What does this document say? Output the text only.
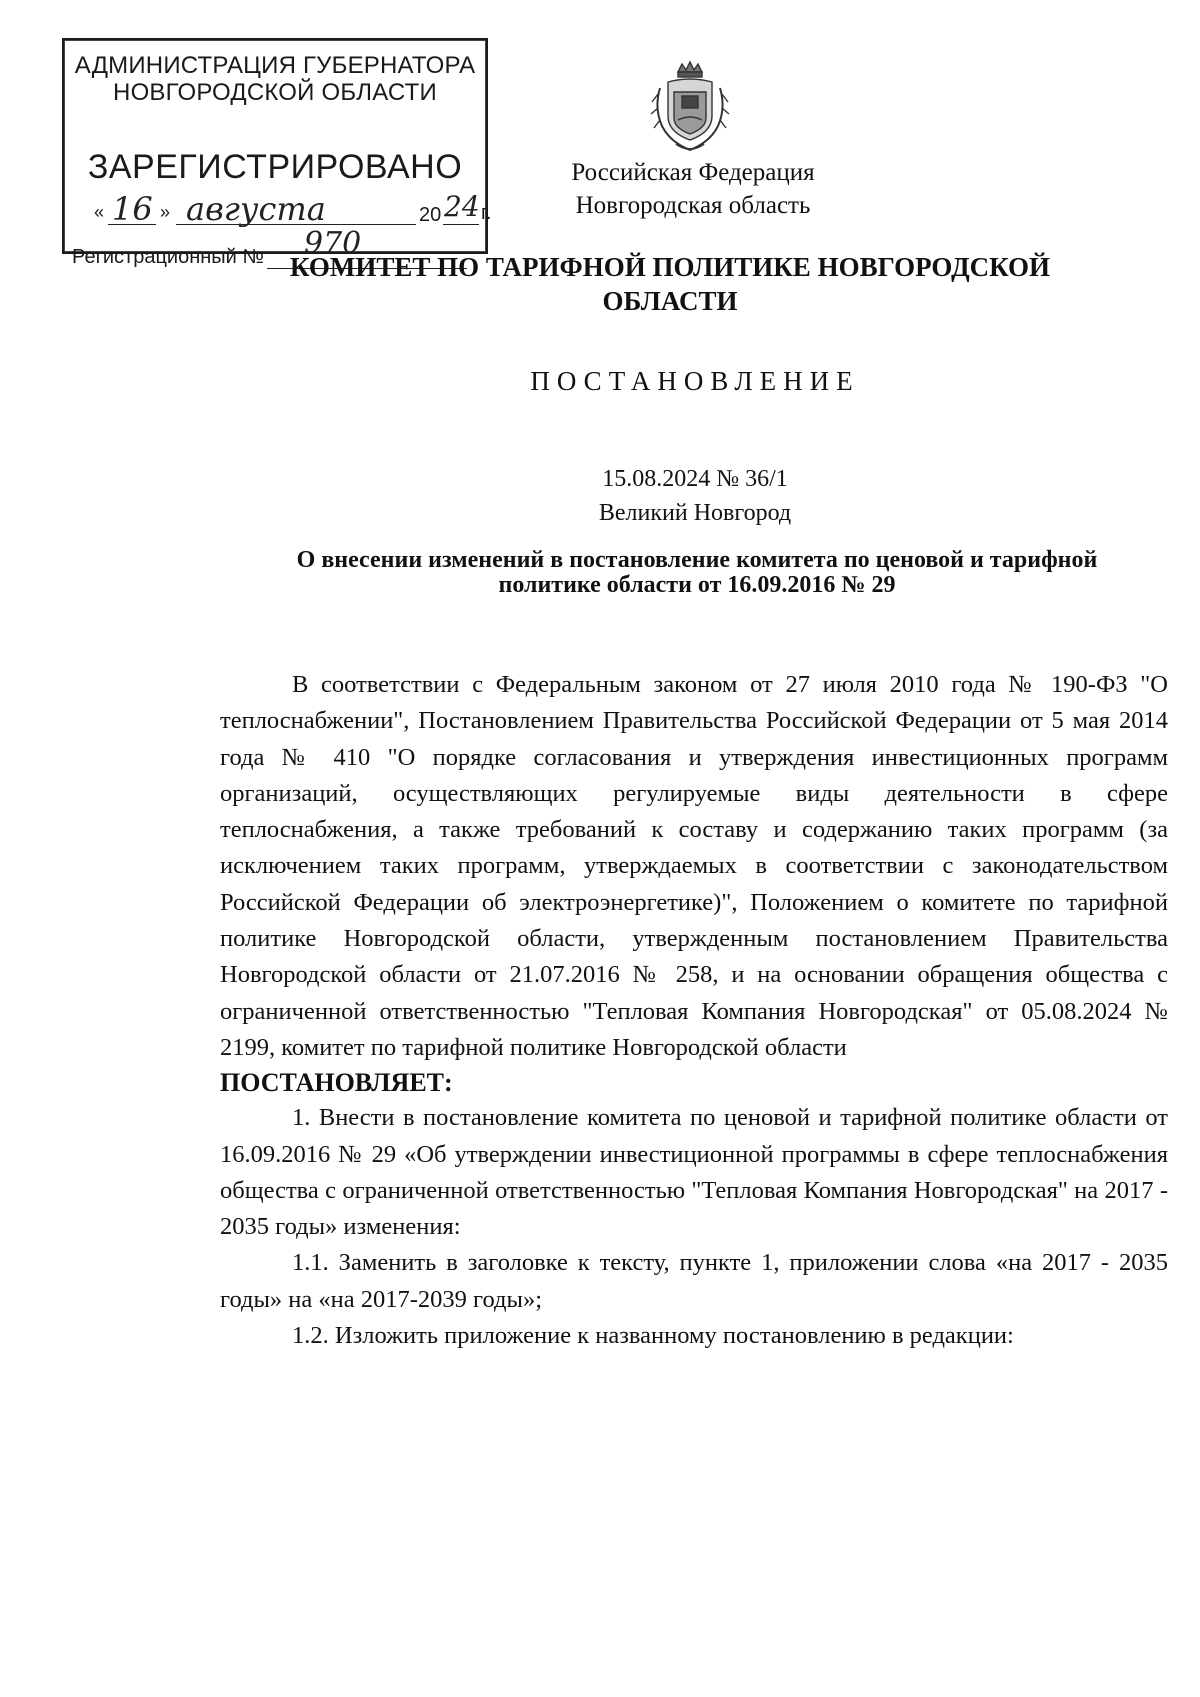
АДМИНИСТРАЦИЯ ГУБЕРНАТОРА
НОВГОРОДСКОЙ ОБЛАСТИ
ЗАРЕГИСТРИРОВАНО
« 16 » августа	20 24 г.
Регистрационный № 970
Российская Федерация
Новгородская область
КОМИТЕТ ПО ТАРИФНОЙ ПОЛИТИКЕ НОВГОРОДСКОЙ ОБЛАСТИ
ПОСТАНОВЛЕНИЕ
15.08.2024 № 36/1
Великий Новгород
О внесении изменений в постановление комитета по ценовой и тарифной политике области от 16.09.2016 № 29

В соответствии с Федеральным законом от 27 июля 2010 года № 190-ФЗ "О теплоснабжении", Постановлением Правительства Российской Федерации от 5 мая 2014 года № 410 "О порядке согласования и утверждения инвестиционных программ организаций, осуществляющих регулируемые виды деятельности в сфере теплоснабжения, а также требований к составу и содержанию таких программ (за исключением таких программ, утверждаемых в соответствии с законодательством Российской Федерации об электроэнергетике)", Положением о комитете по тарифной политике Новгородской области, утвержденным постановлением Правительства Новгородской области от 21.07.2016 № 258, и на основании обращения общества с ограниченной ответственностью "Тепловая Компания Новгородская" от 05.08.2024 № 2199, комитет по тарифной политике Новгородской области

ПОСТАНОВЛЯЕТ:

1. Внести в постановление комитета по ценовой и тарифной политике области от 16.09.2016 № 29 «Об утверждении инвестиционной программы в сфере теплоснабжения общества с ограниченной ответственностью "Тепловая Компания Новгородская" на 2017 - 2035 годы» изменения:

1.1. Заменить в заголовке к тексту, пункте 1, приложении слова «на 2017 - 2035 годы» на «на 2017-2039 годы»;

1.2. Изложить приложение к названному постановлению в редакции:
